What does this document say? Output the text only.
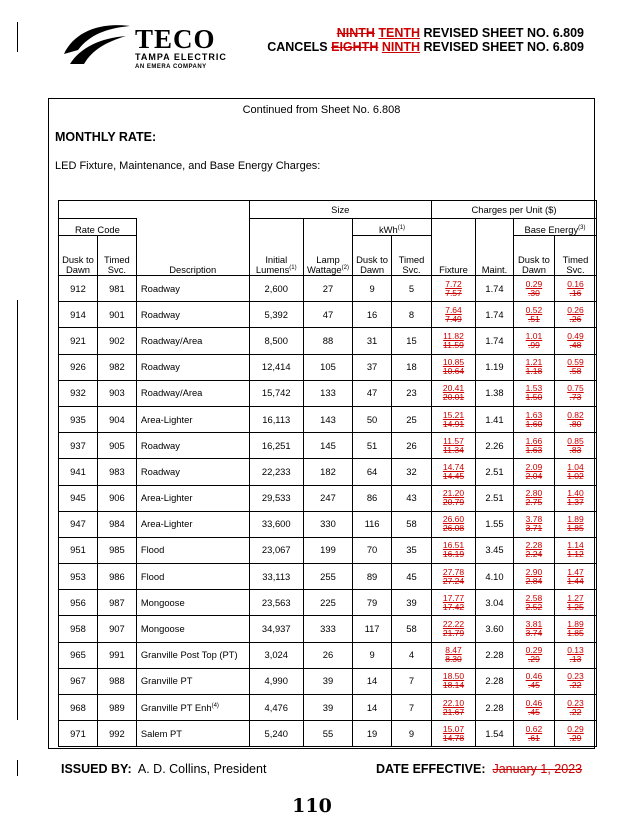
TECO
TAMPA ELECTRIC
AN EMERA COMPANY
NINTH TENTH REVISED SHEET NO. 6.809
CANCELS EIGHTH NINTH REVISED SHEET NO. 6.809
Continued from Sheet No. 6.808
MONTHLY RATE:
LED Fixture, Maintenance, and Base Energy Charges:
			Size				Charges per Unit ($)			
Rate Code					kWh$^{(1)}$				Base Energy$^{(3)}$
Dusk to Dawn	Timed Svc.	Description	Initial Lumens$^{(1)}$	Lamp Wattage$^{(2)}$	Dusk to Dawn	Timed Svc.	Fixture	Maint.	Dusk to Dawn	Timed Svc.
912	981	Roadway	2,600	27	9	5	$\frac{7.72}{7.57}$	1.74	$\frac{0.29}{.30}$	$\frac{0.16}{.16}$

914	901	Roadway	5,392	47	16	8	$\frac{7.64}{7.49}$	1.74	$\frac{0.52}{.51}$	$\frac{0.26}{.26}$

921	902	Roadway/Area	8,500	88	31	15	$\frac{11.82}{11.59}$	1.74	$\frac{1.01}{.99}$	$\frac{0.49}{.48}$

926	982	Roadway	12,414	105	37	18	$\frac{10.85}{10.64}$	1.19	$\frac{1.21}{1.18}$	$\frac{0.59}{.58}$

932	903	Roadway/Area	15,742	133	47	23	$\frac{20.41}{20.01}$	1.38	$\frac{1.53}{1.50}$	$\frac{0.75}{.73}$

935	904	Area-Lighter	16,113	143	50	25	$\frac{15.21}{14.91}$	1.41	$\frac{1.63}{1.60}$	$\frac{0.82}{.80}$

937	905	Roadway	16,251	145	51	26	$\frac{11.57}{11.34}$	2.26	$\frac{1.66}{1.63}$	$\frac{0.85}{.83}$

941	983	Roadway	22,233	182	64	32	$\frac{14.74}{14.45}$	2.51	$\frac{2.09}{2.04}$	$\frac{1.04}{1.02}$

945	906	Area-Lighter	29,533	247	86	43	$\frac{21.20}{20.79}$	2.51	$\frac{2.80}{2.75}$	$\frac{1.40}{1.37}$

947	984	Area-Lighter	33,600	330	116	58	$\frac{26.60}{26.08}$	1.55	$\frac{3.78}{3.71}$	$\frac{1.89}{1.85}$

951	985	Flood	23,067	199	70	35	$\frac{16.51}{16.19}$	3.45	$\frac{2.28}{2.24}$	$\frac{1.14}{1.12}$

953	986	Flood	33,113	255	89	45	$\frac{27.78}{27.24}$	4.10	$\frac{2.90}{2.84}$	$\frac{1.47}{1.44}$

956	987	Mongoose	23,563	225	79	39	$\frac{17.77}{17.42}$	3.04	$\frac{2.58}{2.52}$	$\frac{1.27}{1.25}$

958	907	Mongoose	34,937	333	117	58	$\frac{22.22}{21.79}$	3.60	$\frac{3.81}{3.74}$	$\frac{1.89}{1.85}$

965	991	Granville Post Top (PT)	3,024	26	9	4	$\frac{8.47}{8.30}$	2.28	$\frac{0.29}{.29}$	$\frac{0.13}{.13}$

967	988	Granville PT	4,990	39	14	7	$\frac{18.50}{18.14}$	2.28	$\frac{0.46}{.45}$	$\frac{0.23}{.22}$

968	989	Granville PT Enh$^{(4)}$	4,476	39	14	7	$\frac{22.10}{21.67}$	2.28	$\frac{0.46}{.45}$	$\frac{0.23}{.22}$

971	992	Salem PT	5,240	55	19	9	$\frac{15.07}{14.78}$	1.54	$\frac{0.62}{.61}$	$\frac{0.29}{.29}$
ISSUED BY: A. D. Collins, President	DATE EFFECTIVE: January 1, 2023
110
